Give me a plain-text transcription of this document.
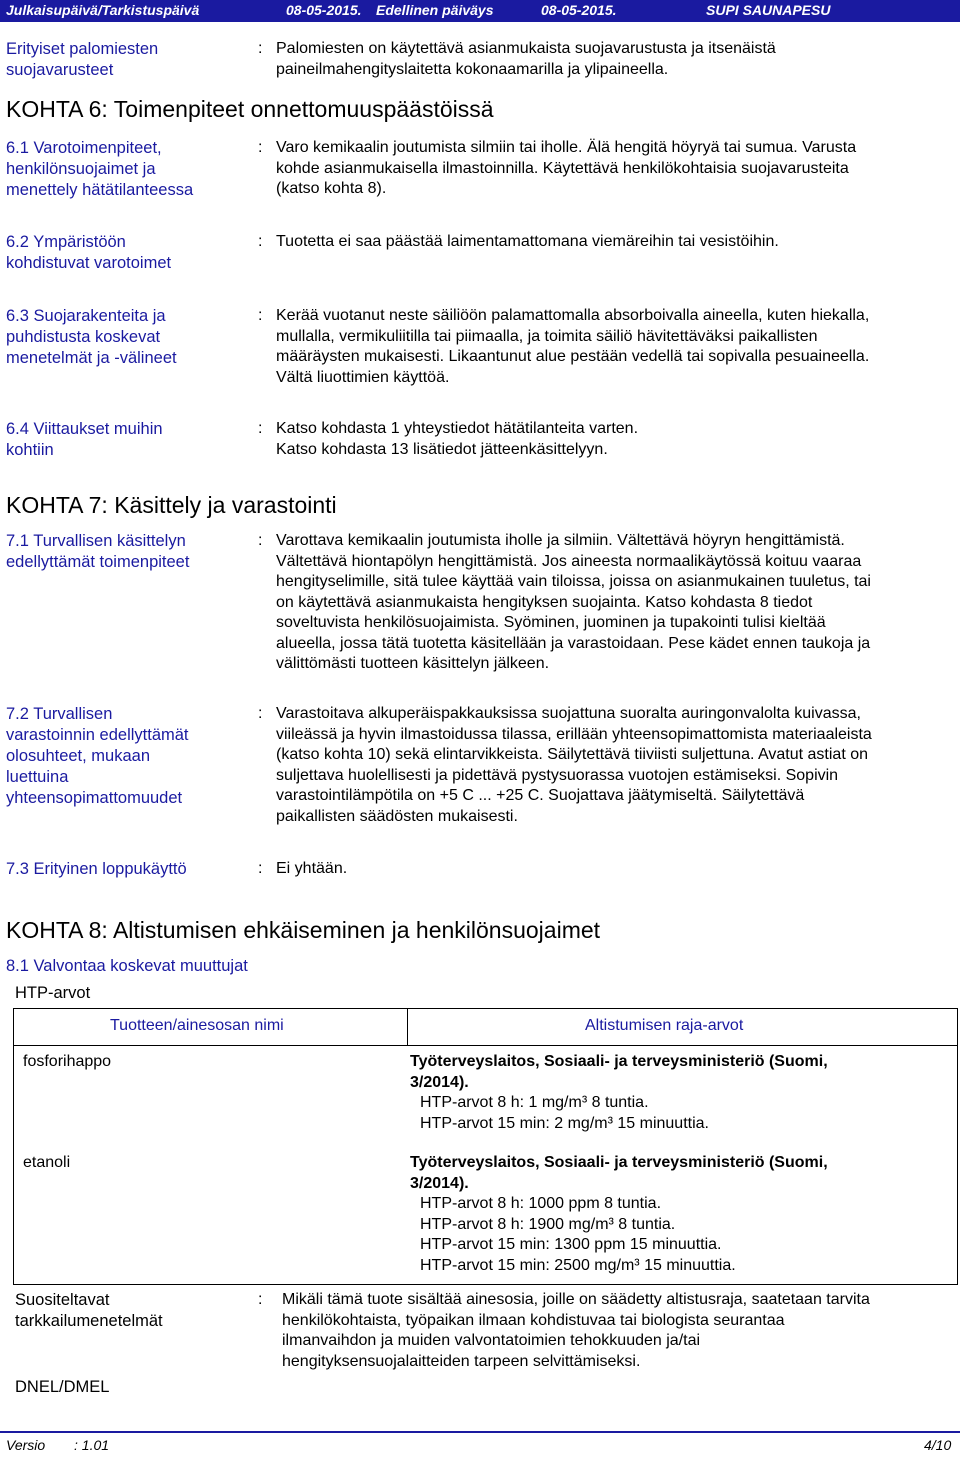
Julkaisupäivä/Tarkistuspäivä	08-05-2015. Edellinen päiväys	08-05-2015.	SUPI SAUNAPESU

Erityiset palomiesten

suojavarusteet

: Palomiesten on käytettävä asianmukaista suojavarustusta ja itsenäistä

paineilmahengityslaitetta kokonaamarilla ja ylipaineella.

KOHTA 6: Toimenpiteet onnettomuuspäästöissä

6.1 Varotoimenpiteet,

henkilönsuojaimet ja

menettely hätätilanteessa

: Varo kemikaalin joutumista silmiin tai iholle. Älä hengitä höyryä tai sumua. Varusta

kohde asianmukaisella ilmastoinnilla. Käytettävä henkilökohtaisia suojavarusteita

(katso kohta 8).

6.2 Ympäristöön

kohdistuvat varotoimet

: Tuotetta ei saa päästää laimentamattomana viemäreihin tai vesistöihin.

6.3 Suojarakenteita ja

puhdistusta koskevat

menetelmät ja -välineet

: Kerää vuotanut neste säiliöön palamattomalla absorboivalla aineella, kuten hiekalla,

mullalla, vermikuliitilla tai piimaalla, ja toimita säiliö hävitettäväksi paikallisten

määräysten mukaisesti. Likaantunut alue pestään vedellä tai sopivalla pesuaineella.

Vältä liuottimien käyttöä.

6.4 Viittaukset muihin

kohtiin

: Katso kohdasta 1 yhteystiedot hätätilanteita varten.

Katso kohdasta 13 lisätiedot jätteenkäsittelyyn.

KOHTA 7: Käsittely ja varastointi

7.1 Turvallisen käsittelyn

edellyttämät toimenpiteet

: Varottava kemikaalin joutumista iholle ja silmiin. Vältettävä höyryn hengittämistä.

Vältettävä hiontapölyn hengittämistä. Jos aineesta normaalikäytössä koituu vaaraa

hengityselimille, sitä tulee käyttää vain tiloissa, joissa on asianmukainen tuuletus, tai

on käytettävä asianmukaista hengityksen suojainta. Katso kohdasta 8 tiedot

soveltuvista henkilösuojaimista. Syöminen, juominen ja tupakointi tulisi kieltää

alueella, jossa tätä tuotetta käsitellään ja varastoidaan. Pese kädet ennen taukoja ja

välittömästi tuotteen käsittelyn jälkeen.

7.2 Turvallisen

varastoinnin edellyttämät

olosuhteet, mukaan

luettuina

yhteensopimattomuudet

: Varastoitava alkuperäispakkauksissa suojattuna suoralta auringonvalolta kuivassa,

viileässä ja hyvin ilmastoidussa tilassa, erillään yhteensopimattomista materiaaleista

(katso kohta 10) sekä elintarvikkeista. Säilytettävä tiiviisti suljettuna. Avatut astiat on

suljettava huolellisesti ja pidettävä pystysuorassa vuotojen estämiseksi. Sopivin

varastointilämpötila on +5 C ... +25 C. Suojattava jäätymiseltä. Säilytettävä

paikallisten säädösten mukaisesti.

7.3 Erityinen loppukäyttö	: Ei yhtään.

KOHTA 8: Altistumisen ehkäiseminen ja henkilönsuojaimet
8.1 Valvontaa koskevat muuttujat
HTP-arvot
Tuotteen/ainesosan nimi	Altistumisen raja-arvot
fosforihappo	Työterveyslaitos, Sosiaali- ja terveysministeriö (Suomi,

3/2014).

HTP-arvot 8 h: 1 mg/m³ 8 tuntia.

HTP-arvot 15 min: 2 mg/m³ 15 minuuttia.

etanoli	Työterveyslaitos, Sosiaali- ja terveysministeriö (Suomi,

3/2014).

HTP-arvot 8 h: 1000 ppm 8 tuntia.

HTP-arvot 8 h: 1900 mg/m³ 8 tuntia.

HTP-arvot 15 min: 1300 ppm 15 minuuttia.

HTP-arvot 15 min: 2500 mg/m³ 15 minuuttia.

Suositeltavat

tarkkailumenetelmät

: Mikäli tämä tuote sisältää ainesosia, joille on säädetty altistusraja, saatetaan tarvita

henkilökohtaista, työpaikan ilmaan kohdistuvaa tai biologista seurantaa

ilmanvaihdon ja muiden valvontatoimien tehokkuuden ja/tai

hengityksensuojalaitteiden tarpeen selvittämiseksi.

DNEL/DMEL
Versio : 1.01	4/10
